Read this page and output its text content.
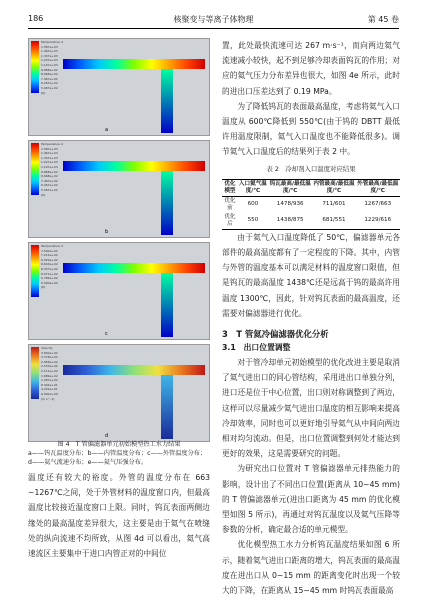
186	核聚变与等离子体物理	第 45 卷
Temperature 4
1.587e+03
1.467e+03
1.347e+03
1.227e+03
1.107e+03
9.868e+02
8.668e+02
7.467e+02
6.267e+02
5.067e+02
[K]
a
Temperature 4
1.587e+03
1.467e+03
1.347e+03
1.227e+03
1.107e+03
9.868e+02
8.668e+02
7.467e+02
6.267e+02
5.067e+02
[K]
b
Temperature 3
7.500e+02
7.214e+02
6.929e+02
6.643e+02
6.357e+02
6.071e+02
5.786e+02
5.500e+02
[K]
c
Velocity
3.800e+02
3.378e+02
2.956e+02
2.533e+02
2.111e+02
1.689e+02
1.267e+02
8.444e+01
4.222e+01
0.000e+00
[m s^-1]
d
图 4　T 管偏滤器单元初始模型热工水力结果
a——钨瓦温度分布；b——内管温度分布；c——外管温度分布；
d——氦气流速分布；e——氦气压强分布。
温度还有较大的裕度。外管的温度分布在 663 ~1267℃之间，处于外管材料的温度窗口内，但最高温度比较接近温度窗口上限。同时，钨瓦表面两侧边缘处的最高温度差异很大，这主要是由于氦气在喷缝处的纵向流速不均所致，从图 4d 可以看出，氦气高速流区主要集中于进口内管正对的中间位

置，此处最快流速可达 267 m·s⁻¹，而向两边氦气流速减小较快，起不到足够冷却表面钨瓦的作用；对应的氦气压力分布差异也很大，如图 4e 所示，此时的进出口压差达到了 0.19 MPa。

为了降低钨瓦的表面最高温度，考虑将氦气入口温度从 600℃降低到 550℃(由于钨的 DBTT 最低许用温度限制，氦气入口温度也不能降低很多)。调节氦气入口温度后的结果列于表 2 中。

表 2　冷却剂入口温度对应结果
优化模型	入口氦气温度/℃	钨瓦最高/最低温度/℃	内管最高/最低温度/℃	外管最高/最低温度/℃
优化前	600	1478/936	711/601	1267/663
优化后	550	1438/875	681/551	1229/616

由于氦气入口温度降低了 50℃，偏滤器单元各部件的最高温度都有了一定程度的下降。其中，内管与外管的温度基本可以满足材料的温度窗口限值，但是钨瓦的最高温度 1438℃还是远高于钨的最高许用温度 1300℃，因此，针对钨瓦表面的最高温度，还需要对偏滤器进行优化。

3　T 管氦冷偏滤器优化分析
3.1　出口位置调整

对于管冷却单元初始模型的优化改进主要是取消了氦气进出口的同心管结构，采用进出口单独分列，进口还是位于中心位置，出口则对称调整到了两边，这样可以尽量减少氦气进出口温度的相互影响来提高冷却效率，同时也可以更好地引导氦气从中间向两边相对均匀流动。但是，出口位置调整到何处才能达到更好的效果，这是需要研究的问题。

为研究出口位置对 T 管偏滤器单元排热能力的影响，设计出了不同出口位置(距离从 10~45 mm)的 T 管偏滤器单元(进出口距离为 45 mm 的优化模型如图 5 所示)，再通过对钨瓦温度以及氦气压降等参数的分析，确定最合适的单元模型。

优化模型热工水力分析钨瓦温度结果如图 6 所示，随着氦气进出口距离的增大，钨瓦表面的最高温度在进出口从 0~15 mm 的距离变化时出现一个较大的下降，在距离从 15~45 mm 时钨瓦表面最高
